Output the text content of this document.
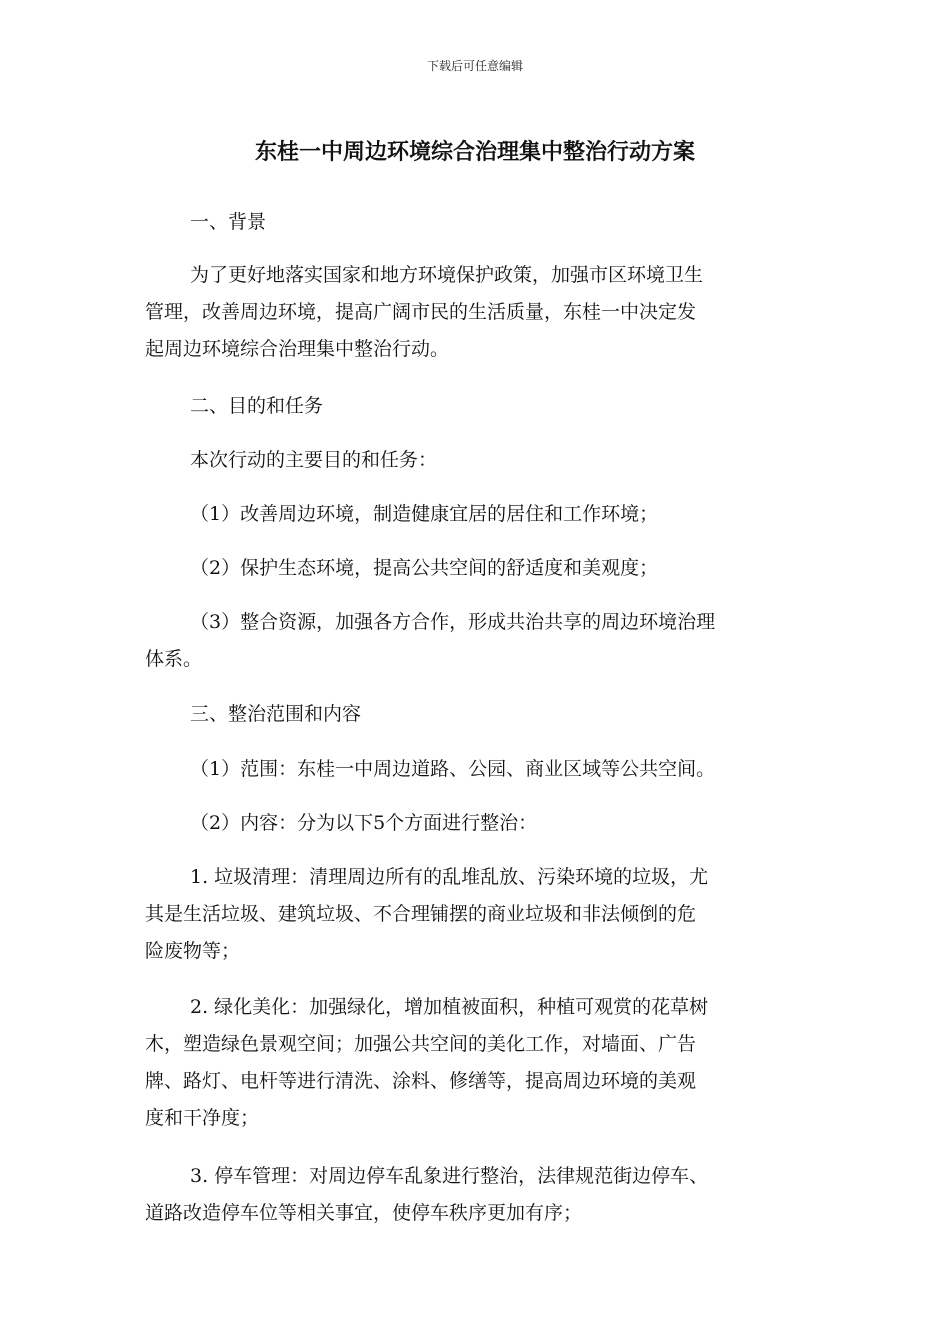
下载后可任意编辑
东桂一中周边环境综合治理集中整治行动方案
一、背景
为了更好地落实国家和地方环境保护政策，加强市区环境卫生
管理，改善周边环境，提高广阔市民的生活质量，东桂一中决定发
起周边环境综合治理集中整治行动。
二、目的和任务
本次行动的主要目的和任务：
（1）改善周边环境，制造健康宜居的居住和工作环境；
（2）保护生态环境，提高公共空间的舒适度和美观度；
（3）整合资源，加强各方合作，形成共治共享的周边环境治理
体系。
三、整治范围和内容
（1）范围：东桂一中周边道路、公园、商业区域等公共空间。
（2）内容：分为以下5个方面进行整治：
1. 垃圾清理：清理周边所有的乱堆乱放、污染环境的垃圾，尤
其是生活垃圾、建筑垃圾、不合理铺摆的商业垃圾和非法倾倒的危
险废物等；
2. 绿化美化：加强绿化，增加植被面积，种植可观赏的花草树
木，塑造绿色景观空间；加强公共空间的美化工作，对墙面、广告
牌、路灯、电杆等进行清洗、涂料、修缮等，提高周边环境的美观
度和干净度；
3. 停车管理：对周边停车乱象进行整治，法律规范街边停车、
道路改造停车位等相关事宜，使停车秩序更加有序；
